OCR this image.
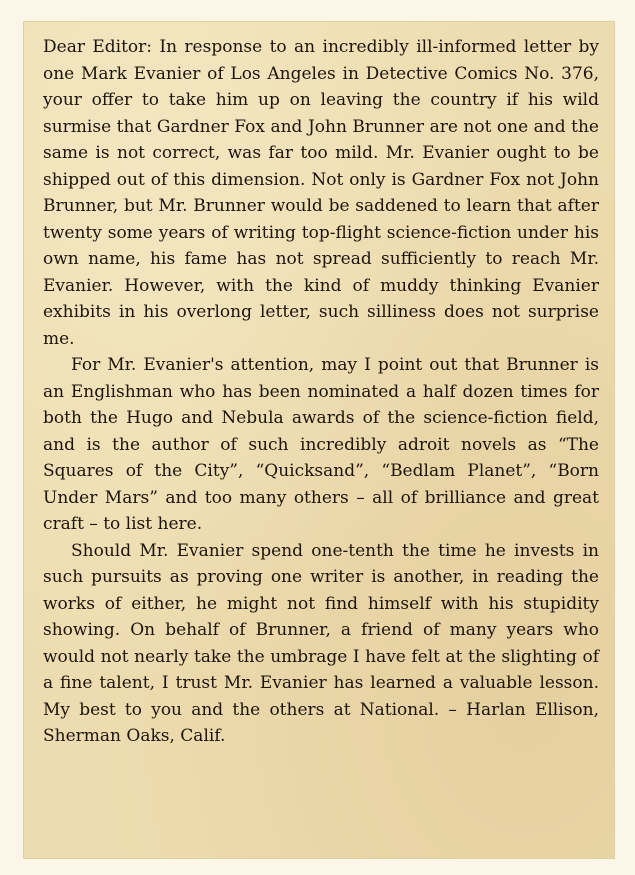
Dear Editor: In response to an incredibly ill-informed letter by one Mark Evanier of Los Angeles in Detective Comics No. 376, your offer to take him up on leaving the country if his wild surmise that Gardner Fox and John Brunner are not one and the same is not correct, was far too mild. Mr. Evanier ought to be shipped out of this dimension. Not only is Gardner Fox not John Brunner, but Mr. Brunner would be saddened to learn that after twenty some years of writing top-flight science-fiction under his own name, his fame has not spread sufficiently to reach Mr. Evanier. However, with the kind of muddy thinking Evanier exhibits in his overlong letter, such silliness does not surprise me.

For Mr. Evanier's attention, may I point out that Brunner is an Englishman who has been nominated a half dozen times for both the Hugo and Nebula awards of the science-fiction field, and is the author of such incredibly adroit novels as “The Squares of the City”, “Quicksand”, “Bedlam Planet”, “Born Under Mars” and too many others – all of brilliance and great craft – to list here.

Should Mr. Evanier spend one-tenth the time he invests in such pursuits as proving one writer is another, in reading the works of either, he might not find himself with his stupidity showing. On behalf of Brunner, a friend of many years who would not nearly take the umbrage I have felt at the slighting of a fine talent, I trust Mr. Evanier has learned a valuable lesson. My best to you and the others at National. – Harlan Ellison, Sherman Oaks, Calif.
